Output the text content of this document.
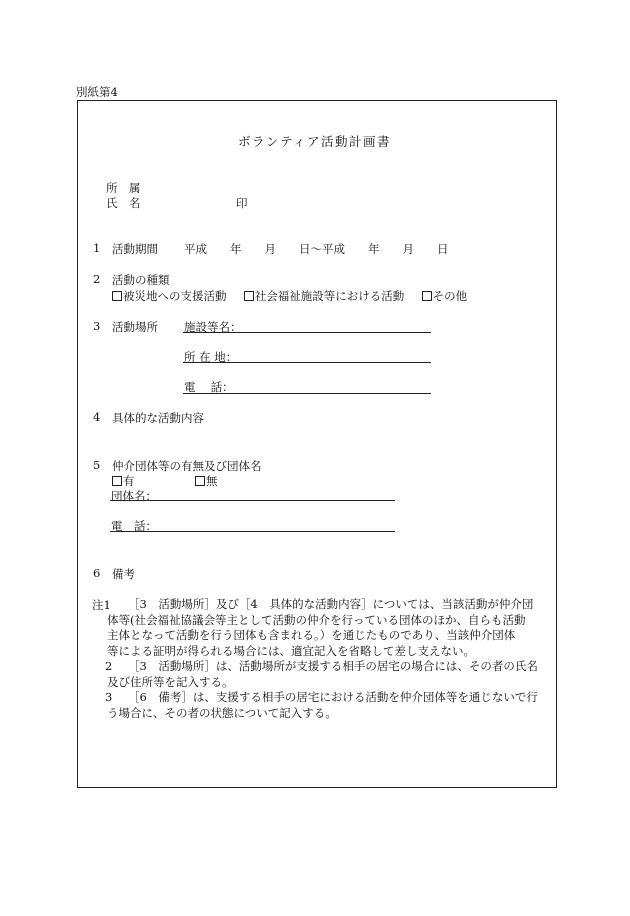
別紙第4
ボランティア活動計画書
所　属
氏　名	印
1 活動期間 平成　　年　　月　　日～平成　　年　　月　　日
2 活動の種類
被災地への支援活動 社会福祉施設等における活動 その他
3 活動場所 施設等名：
所 在 地：
電　 話：
4 具体的な活動内容
5 仲介団体等の有無及び団体名
有	無
団体名：
電　話：
6 備考
注1	［3　活動場所］及び［4　具体的な活動内容］については、当該活動が仲介団
体等(社会福祉協議会等主として活動の仲介を行っている団体のほか、自らも活動
主体となって活動を行う団体も含まれる。）を通じたものであり、当該仲介団体
等による証明が得られる場合には、適宜記入を省略して差し支えない。
2 ［3　活動場所］は、活動場所が支援する相手の居宅の場合には、その者の氏名
及び住所等を記入する。
3 ［6　備考］は、支援する相手の居宅における活動を仲介団体等を通じないで行
う場合に、その者の状態について記入する。
